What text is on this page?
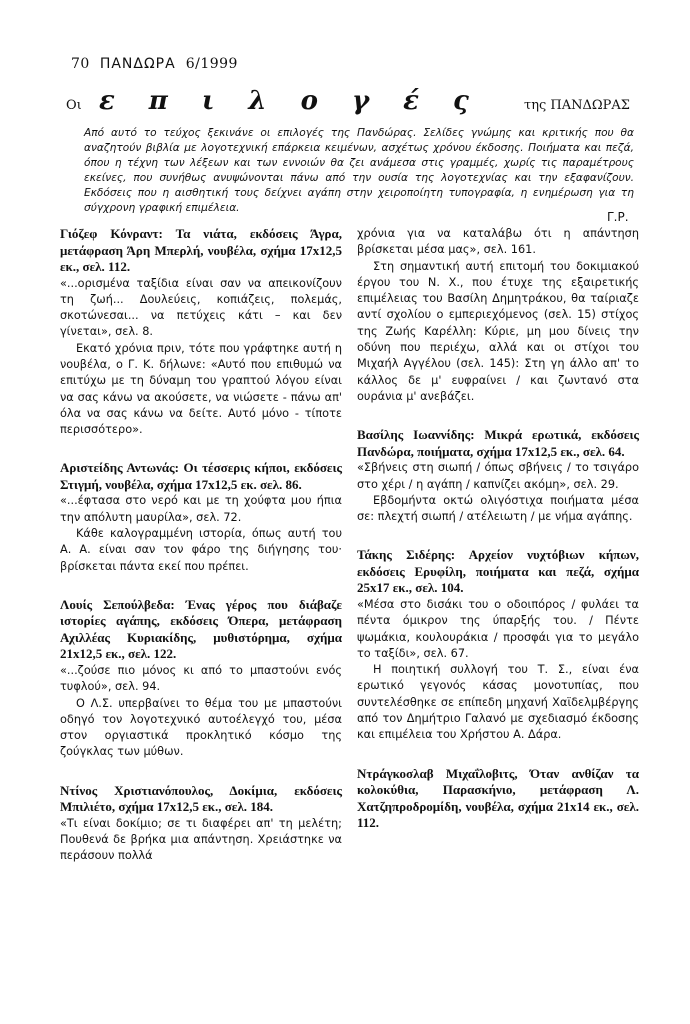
70 ΠΑΝΔΩΡΑ 6/1999
Οι επιλογές της ΠΑΝΔΩΡΑΣ
Από αυτό το τεύχος ξεκινάνε οι επιλογές της Πανδώρας. Σελίδες γνώμης και κριτικής που θα αναζητούν βιβλία με λογοτεχνική επάρκεια κειμένων, ασχέτως χρόνου έκδοσης. Ποιήματα και πεζά, όπου η τέχνη των λέξεων και των εννοιών θα ζει ανάμεσα στις γραμμές, χωρίς τις παραμέτρους εκείνες, που συνήθως ανυψώνονται πάνω από την ουσία της λογοτεχνίας και την εξαφανίζουν. Εκδόσεις που η αισθητική τους δείχνει αγάπη στην χειροποίητη τυπογραφία, η ενημέρωση για τη σύγχρονη γραφική επιμέλεια.
Γ.Ρ.
Γιόζεφ Κόνραντ: Τα νιάτα, εκδόσεις Άγρα, μετάφραση Άρη Μπερλή, νουβέλα, σχήμα 17x12,5 εκ., σελ. 112.

«...ορισμένα ταξίδια είναι σαν να απεικονίζουν τη ζωή... Δουλεύεις, κοπιάζεις, πολεμάς, σκοτώνεσαι... να πετύχεις κάτι – και δεν γίνεται», σελ. 8.

Εκατό χρόνια πριν, τότε που γράφτηκε αυτή η νουβέλα, ο Γ. Κ. δήλωνε: «Αυτό που επιθυμώ να επιτύχω με τη δύναμη του γραπτού λόγου είναι να σας κάνω να ακούσετε, να νιώσετε - πάνω απ' όλα να σας κάνω να δείτε. Αυτό μόνο - τίποτε περισσότερο».

Αριστείδης Αντωνάς: Οι τέσσερις κήποι, εκδόσεις Στιγμή, νουβέλα, σχήμα 17x12,5 εκ. σελ. 86.

«...έφτασα στο νερό και με τη χούφτα μου ήπια την απόλυτη μαυρίλα», σελ. 72.

Κάθε καλογραμμένη ιστορία, όπως αυτή του Α. Α. είναι σαν τον φάρο της διήγησης του· βρίσκεται πάντα εκεί που πρέπει.

Λουίς Σεπούλβεδα: Ένας γέρος που διάβαζε ιστορίες αγάπης, εκδόσεις Όπερα, μετάφραση Αχιλλέας Κυριακίδης, μυθιστόρημα, σχήμα 21x12,5 εκ., σελ. 122.

«...ζούσε πιο μόνος κι από το μπαστούνι ενός τυφλού», σελ. 94.

Ο Λ.Σ. υπερβαίνει το θέμα του με μπαστούνι οδηγό τον λογοτεχνικό αυτοέλεγχό του, μέσα στον οργιαστικά προκλητικό κόσμο της ζούγκλας των μύθων.

Ντίνος Χριστιανόπουλος, Δοκίμια, εκδόσεις Μπιλιέτο, σχήμα 17x12,5 εκ., σελ. 184.

«Τι είναι δοκίμιο; σε τι διαφέρει απ' τη μελέτη; Πουθενά δε βρήκα μια απάντηση. Χρειάστηκε να περάσουν πολλά

χρόνια για να καταλάβω ότι η απάντηση βρίσκεται μέσα μας», σελ. 161.

Στη σημαντική αυτή επιτομή του δοκιμιακού έργου του Ν. Χ., που έτυχε της εξαιρετικής επιμέλειας του Βασίλη Δημητράκου, θα ταίριαζε αντί σχολίου ο εμπεριεχόμενος (σελ. 15) στίχος της Ζωής Καρέλλη: Κύριε, μη μου δίνεις την οδύνη που περιέχω, αλλά και οι στίχοι του Μιχαήλ Αγγέλου (σελ. 145): Στη γη άλλο απ' το κάλλος δε μ' ευφραίνει / και ζωντανό στα ουράνια μ' ανεβάζει.

Βασίλης Ιωαννίδης: Μικρά ερωτικά, εκδόσεις Πανδώρα, ποιήματα, σχήμα 17x12,5 εκ., σελ. 64.

«Σβήνεις στη σιωπή / όπως σβήνεις / το τσιγάρο στο χέρι / η αγάπη / καπνίζει ακόμη», σελ. 29.

Εβδομήντα οκτώ ολιγόστιχα ποιήματα μέσα σε: πλεχτή σιωπή / ατέλειωτη / με νήμα αγάπης.

Τάκης Σιδέρης: Αρχείον νυχτόβιων κήπων, εκδόσεις Ερυφίλη, ποιήματα και πεζά, σχήμα 25x17 εκ., σελ. 104.

«Μέσα στο δισάκι του ο οδοιπόρος / φυλάει τα πέντα όμικρον της ύπαρξής του. / Πέντε ψωμάκια, κουλουράκια / προσφάι για το μεγάλο το ταξίδι», σελ. 67.

Η ποιητική συλλογή του Τ. Σ., είναι ένα ερωτικό γεγονός κάσας μονοτυπίας, που συντελέσθηκε σε επίπεδη μηχανή Χαϊδελμβέργης από τον Δημήτριο Γαλανό με σχεδιασμό έκδοσης και επιμέλεια του Χρήστου Α. Δάρα.

Ντράγκοσλαβ Μιχαΐλοβιτς, Όταν ανθίζαν τα κολοκύθια, Παρασκήνιο, μετάφραση Λ. Χατζηπροδρομίδη, νουβέλα, σχήμα 21x14 εκ., σελ. 112.
